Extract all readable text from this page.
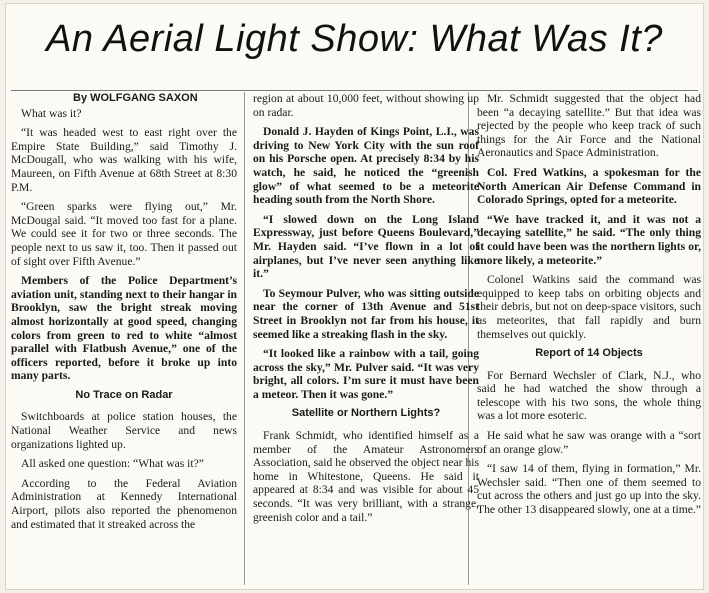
An Aerial Light Show: What Was It?

By WOLFGANG SAXON

What was it?

“It was headed west to east right over the Empire State Building,” said Timothy J. McDougall, who was walking with his wife, Maureen, on Fifth Avenue at 68th Street at 8:30 P.M.

“Green sparks were flying out,” Mr. McDougal said. “It moved too fast for a plane. We could see it for two or three seconds. The people next to us saw it, too. Then it passed out of sight over Fifth Avenue.”

Members of the Police Department’s aviation unit, standing next to their hangar in Brooklyn, saw the bright streak moving almost horizontally at good speed, changing colors from green to red to white “almost parallel with Flatbush Avenue,” one of the officers reported, before it broke up into many parts.

No Trace on Radar

Switchboards at police station houses, the National Weather Service and news organizations lighted up.

All asked one question: “What was it?”

According to the Federal Aviation Administration at Kennedy International Airport, pilots also reported the phenomenon and estimated that it streaked across the

region at about 10,000 feet, without showing up on radar.

Donald J. Hayden of Kings Point, L.I., was driving to New York City with the sun roof on his Porsche open. At precisely 8:34 by his watch, he said, he noticed the “greenish glow” of what seemed to be a meteorite heading south from the North Shore.

“I slowed down on the Long Island Expressway, just before Queens Boulevard,” Mr. Hayden said. “I’ve flown in a lot of airplanes, but I’ve never seen anything like it.”

To Seymour Pulver, who was sitting outside near the corner of 13th Avenue and 51st Street in Brooklyn not far from his house, it seemed like a streaking flash in the sky.

“It looked like a rainbow with a tail, going across the sky,” Mr. Pulver said. “It was very bright, all colors. I’m sure it must have been a meteor. Then it was gone.”

Satellite or Northern Lights?

Frank Schmidt, who identified himself as a member of the Amateur Astronomers Association, said he observed the object near his home in Whitestone, Queens. He said it appeared at 8:34 and was visible for about 45 seconds. “It was very brilliant, with a strange, greenish color and a tail.”

Mr. Schmidt suggested that the object had been “a decaying satellite.” But that idea was rejected by the people who keep track of such things for the Air Force and the National Aeronautics and Space Administration.

Col. Fred Watkins, a spokesman for the North American Air Defense Command in Colorado Springs, opted for a meteorite.

“We have tracked it, and it was not a decaying satellite,” he said. “The only thing it could have been was the northern lights or, more likely, a meteorite.”

Colonel Watkins said the command was equipped to keep tabs on orbiting objects and their debris, but not on deep-space visitors, such as meteorites, that fall rapidly and burn themselves out quickly.

Report of 14 Objects

For Bernard Wechsler of Clark, N.J., who said he had watched the show through a telescope with his two sons, the whole thing was a lot more esoteric.

He said what he saw was orange with a “sort of an orange glow.”

“I saw 14 of them, flying in formation,” Mr. Wechsler said. “Then one of them seemed to cut across the others and just go up into the sky. The other 13 disappeared slowly, one at a time.”
